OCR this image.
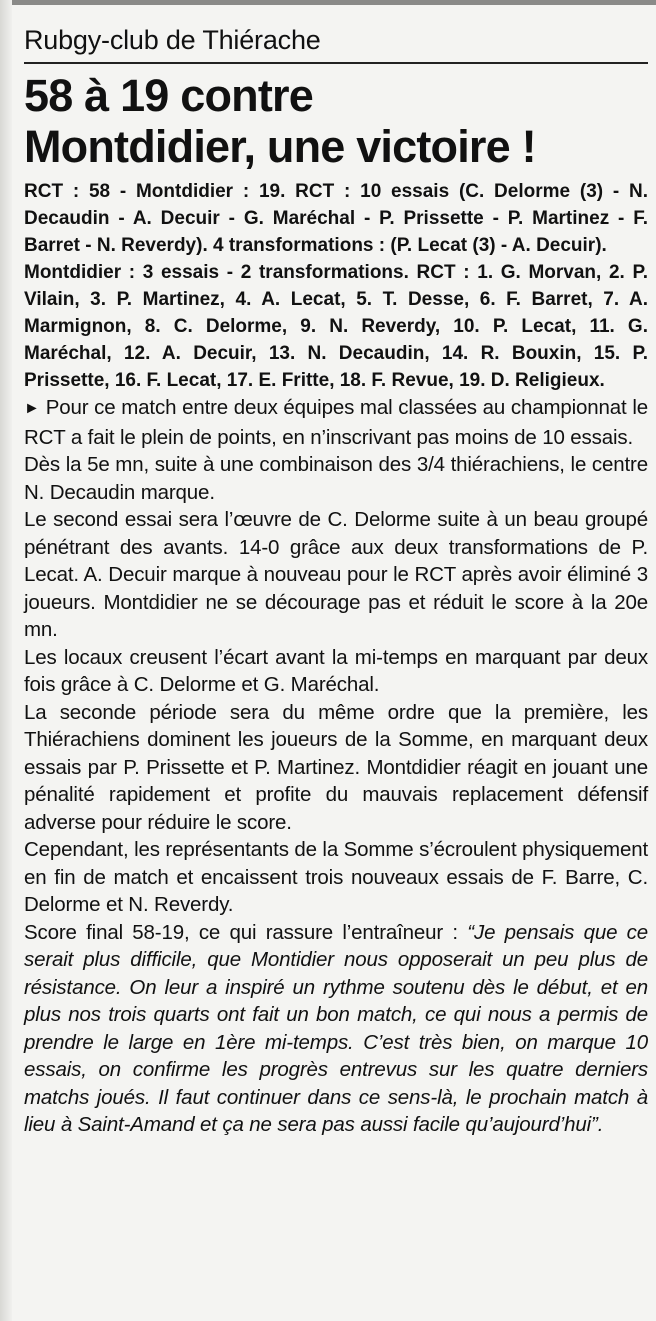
Rubgy-club de Thiérache
58 à 19 contre
Montdidier, une victoire !

RCT : 58 - Montdidier : 19. RCT : 10 essais (C. Delorme (3) - N. Decaudin - A. Decuir - G. Maréchal - P. Prissette - P. Martinez - F. Barret - N. Reverdy). 4 transformations : (P. Lecat (3) - A. Decuir).

Montdidier : 3 essais - 2 transformations. RCT : 1. G. Morvan, 2. P. Vilain, 3. P. Martinez, 4. A. Lecat, 5. T. Desse, 6. F. Barret, 7. A. Marmignon, 8. C. Delorme, 9. N. Reverdy, 10. P. Lecat, 11. G. Maréchal, 12. A. Decuir, 13. N. Decaudin, 14. R. Bouxin, 15. P. Prissette, 16. F. Lecat, 17. E. Fritte, 18. F. Revue, 19. D. Religieux.

► Pour ce match entre deux équipes mal classées au championnat le RCT a fait le plein de points, en n’inscrivant pas moins de 10 essais.

Dès la 5e mn, suite à une combinaison des 3/4 thiérachiens, le centre N. Decaudin marque.

Le second essai sera l’œuvre de C. Delorme suite à un beau groupé pénétrant des avants. 14-0 grâce aux deux transformations de P. Lecat. A. Decuir marque à nouveau pour le RCT après avoir éliminé 3 joueurs. Montdidier ne se décourage pas et réduit le score à la 20e mn.

Les locaux creusent l’écart avant la mi-temps en marquant par deux fois grâce à C. Delorme et G. Maréchal.

La seconde période sera du même ordre que la première, les Thiérachiens dominent les joueurs de la Somme, en marquant deux essais par P. Prissette et P. Martinez. Montdidier réagit en jouant une pénalité rapidement et profite du mauvais replacement défensif adverse pour réduire le score.

Cependant, les représentants de la Somme s’écroulent physiquement en fin de match et encaissent trois nouveaux essais de F. Barre, C. Delorme et N. Reverdy.

Score final 58-19, ce qui rassure l’entraîneur : “Je pensais que ce serait plus difficile, que Montidier nous opposerait un peu plus de résistance. On leur a inspiré un rythme soutenu dès le début, et en plus nos trois quarts ont fait un bon match, ce qui nous a permis de prendre le large en 1ère mi-temps. C’est très bien, on marque 10 essais, on confirme les progrès entrevus sur les quatre derniers matchs joués. Il faut continuer dans ce sens-là, le prochain match à lieu à Saint-Amand et ça ne sera pas aussi facile qu’aujourd’hui”.
